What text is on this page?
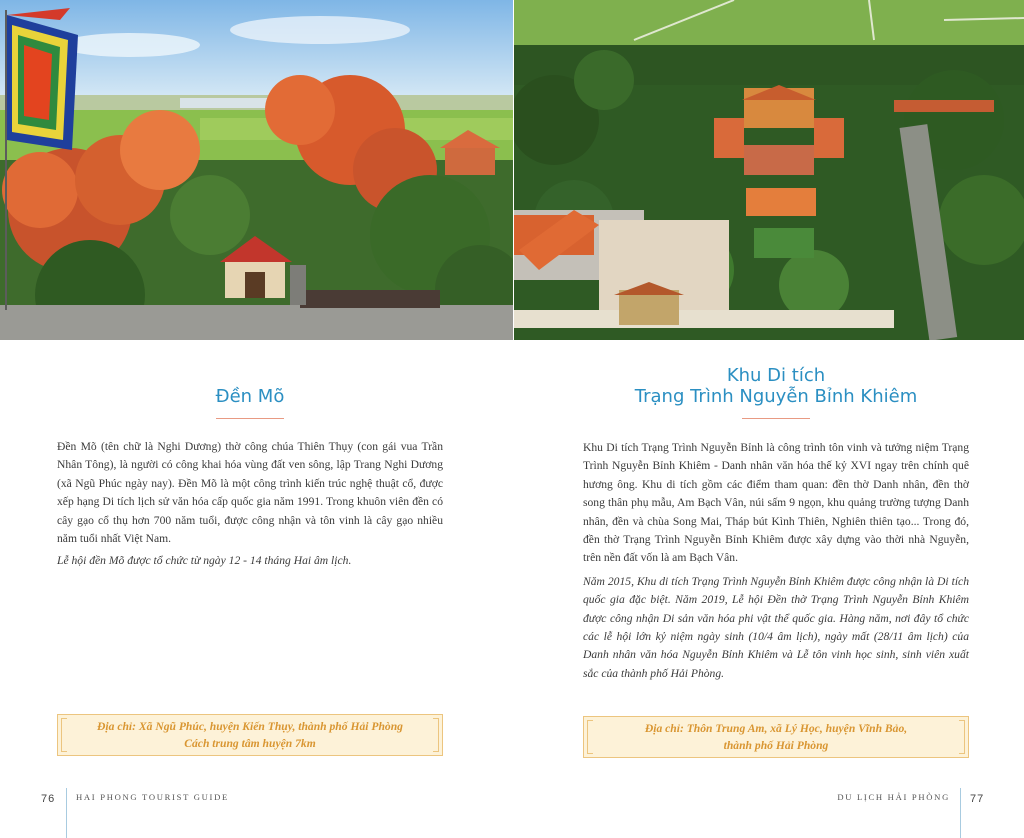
Đền Mõ

Đền Mõ (tên chữ là Nghi Dương) thờ công chúa Thiên Thụy (con gái vua Trần Nhân Tông), là người có công khai hóa vùng đất ven sông, lập Trang Nghi Dương (xã Ngũ Phúc ngày nay). Đền Mõ là một công trình kiến trúc nghệ thuật cổ, được xếp hạng Di tích lịch sử văn hóa cấp quốc gia năm 1991. Trong khuôn viên đền có cây gạo cổ thụ hơn 700 năm tuổi, được công nhận và tôn vinh là cây gạo nhiều năm tuổi nhất Việt Nam.

Lễ hội đền Mõ được tổ chức từ ngày 12 - 14 tháng Hai âm lịch.

Địa chỉ: Xã Ngũ Phúc, huyện Kiến Thụy, thành phố Hải Phòng
Cách trung tâm huyện 7km
Khu Di tích
Trạng Trình Nguyễn Bỉnh Khiêm

Khu Di tích Trạng Trình Nguyễn Bỉnh là công trình tôn vinh và tưởng niệm Trạng Trình Nguyễn Bỉnh Khiêm - Danh nhân văn hóa thế kỷ XVI ngay trên chính quê hương ông. Khu di tích gồm các điểm tham quan: đền thờ Danh nhân, đền thờ song thân phụ mẫu, Am Bạch Vân, núi sấm 9 ngọn, khu quảng trường tượng Danh nhân, đền và chùa Song Mai, Tháp bút Kình Thiên, Nghiên thiên tạo... Trong đó, đền thờ Trạng Trình Nguyễn Bỉnh Khiêm được xây dựng vào thời nhà Nguyễn, trên nền đất vốn là am Bạch Vân.

Năm 2015, Khu di tích Trạng Trình Nguyễn Bỉnh Khiêm được công nhận là Di tích quốc gia đặc biệt. Năm 2019, Lễ hội Đền thờ Trạng Trình Nguyễn Bỉnh Khiêm được công nhận Di sản văn hóa phi vật thể quốc gia. Hàng năm, nơi đây tổ chức các lễ hội lớn kỷ niệm ngày sinh (10/4 âm lịch), ngày mất (28/11 âm lịch) của Danh nhân văn hóa Nguyễn Bỉnh Khiêm và Lễ tôn vinh học sinh, sinh viên xuất sắc của thành phố Hải Phòng.

Địa chỉ: Thôn Trung Am, xã Lý Học, huyện Vĩnh Bảo,
thành phố Hải Phòng
76 HAI PHONG TOURIST GUIDE	DU LỊCH HẢI PHÒNG 77
